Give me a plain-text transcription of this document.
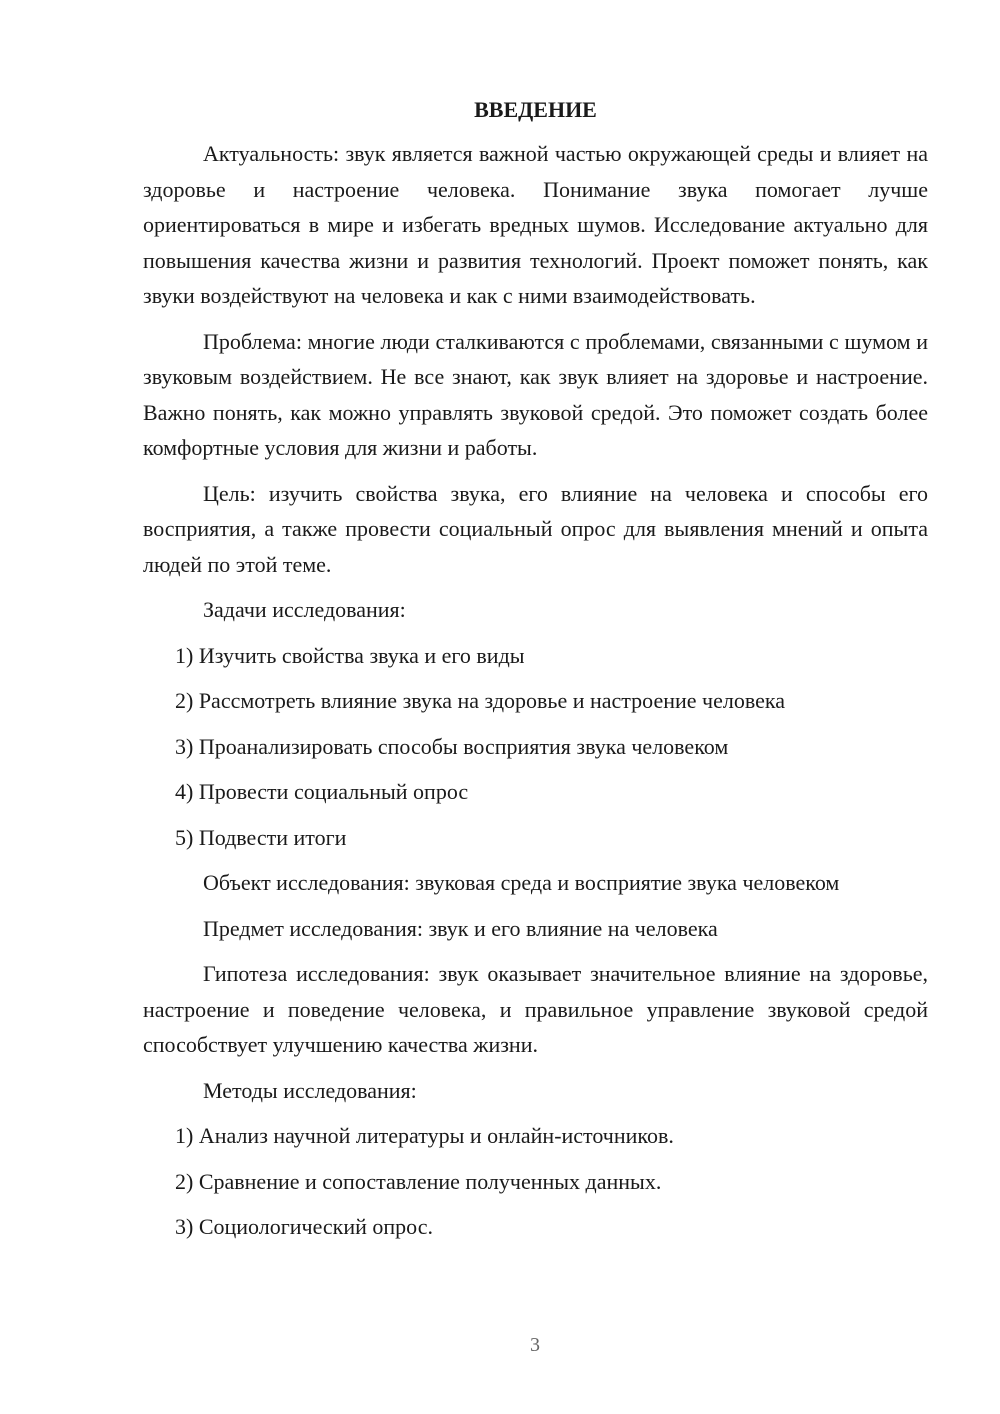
ВВЕДЕНИЕ

Актуальность: звук является важной частью окружающей среды и влияет на здоровье и настроение человека. Понимание звука помогает лучше ориентироваться в мире и избегать вредных шумов. Исследование актуально для повышения качества жизни и развития технологий. Проект поможет понять, как звуки воздействуют на человека и как с ними взаимодействовать.

Проблема: многие люди сталкиваются с проблемами, связанными с шумом и звуковым воздействием. Не все знают, как звук влияет на здоровье и настроение. Важно понять, как можно управлять звуковой средой. Это поможет создать более комфортные условия для жизни и работы.

Цель: изучить свойства звука, его влияние на человека и способы его восприятия, а также провести социальный опрос для выявления мнений и опыта людей по этой теме.

Задачи исследования:

1) Изучить свойства звука и его виды

2) Рассмотреть влияние звука на здоровье и настроение человека

3) Проанализировать способы восприятия звука человеком

4) Провести социальный опрос

5) Подвести итоги

Объект исследования: звуковая среда и восприятие звука человеком

Предмет исследования: звук и его влияние на человека

Гипотеза исследования: звук оказывает значительное влияние на здоровье, настроение и поведение человека, и правильное управление звуковой средой способствует улучшению качества жизни.

Методы исследования:

1) Анализ научной литературы и онлайн-источников.

2) Сравнение и сопоставление полученных данных.

3) Социологический опрос.

3
